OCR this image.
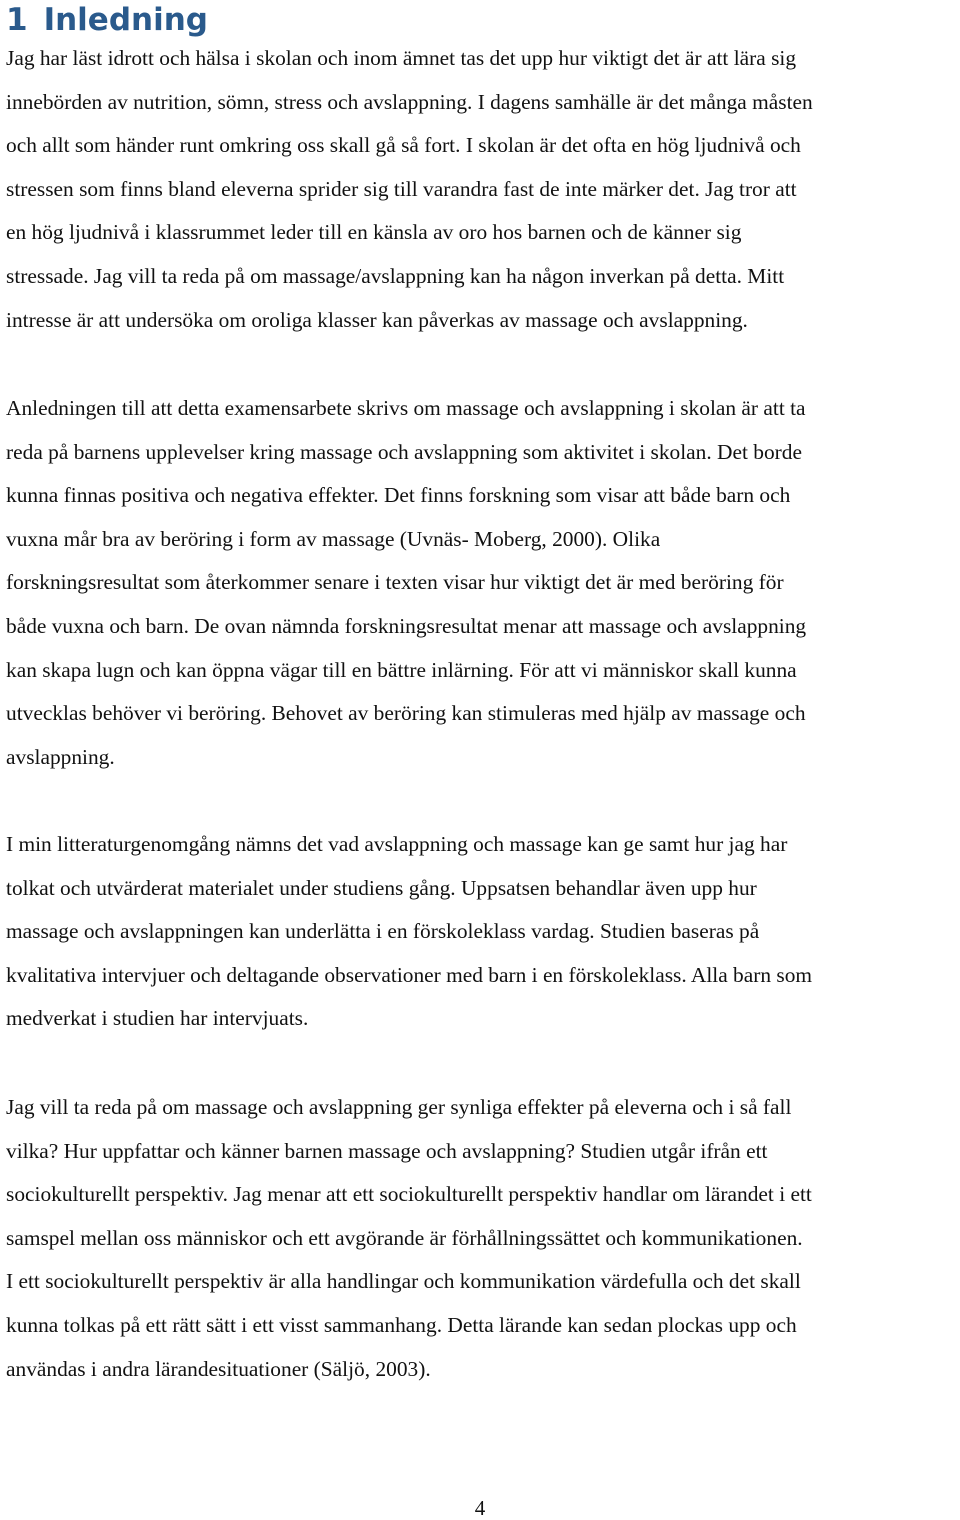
1 Inledning

Jag har läst idrott och hälsa i skolan och inom ämnet tas det upp hur viktigt det är att lära sig
innebörden av nutrition, sömn, stress och avslappning. I dagens samhälle är det många måsten
och allt som händer runt omkring oss skall gå så fort. I skolan är det ofta en hög ljudnivå och
stressen som finns bland eleverna sprider sig till varandra fast de inte märker det. Jag tror att
en hög ljudnivå i klassrummet leder till en känsla av oro hos barnen och de känner sig
stressade. Jag vill ta reda på om massage/avslappning kan ha någon inverkan på detta. Mitt
intresse är att undersöka om oroliga klasser kan påverkas av massage och avslappning.

Anledningen till att detta examensarbete skrivs om massage och avslappning i skolan är att ta
reda på barnens upplevelser kring massage och avslappning som aktivitet i skolan. Det borde
kunna finnas positiva och negativa effekter. Det finns forskning som visar att både barn och
vuxna mår bra av beröring i form av massage (Uvnäs- Moberg, 2000). Olika
forskningsresultat som återkommer senare i texten visar hur viktigt det är med beröring för
både vuxna och barn. De ovan nämnda forskningsresultat menar att massage och avslappning
kan skapa lugn och kan öppna vägar till en bättre inlärning. För att vi människor skall kunna
utvecklas behöver vi beröring. Behovet av beröring kan stimuleras med hjälp av massage och
avslappning.

I min litteraturgenomgång nämns det vad avslappning och massage kan ge samt hur jag har
tolkat och utvärderat materialet under studiens gång. Uppsatsen behandlar även upp hur
massage och avslappningen kan underlätta i en förskoleklass vardag. Studien baseras på
kvalitativa intervjuer och deltagande observationer med barn i en förskoleklass. Alla barn som
medverkat i studien har intervjuats.

Jag vill ta reda på om massage och avslappning ger synliga effekter på eleverna och i så fall
vilka? Hur uppfattar och känner barnen massage och avslappning? Studien utgår ifrån ett
sociokulturellt perspektiv. Jag menar att ett sociokulturellt perspektiv handlar om lärandet i ett
samspel mellan oss människor och ett avgörande är förhållningssättet och kommunikationen.
I ett sociokulturellt perspektiv är alla handlingar och kommunikation värdefulla och det skall
kunna tolkas på ett rätt sätt i ett visst sammanhang. Detta lärande kan sedan plockas upp och
användas i andra lärandesituationer (Säljö, 2003).

4
